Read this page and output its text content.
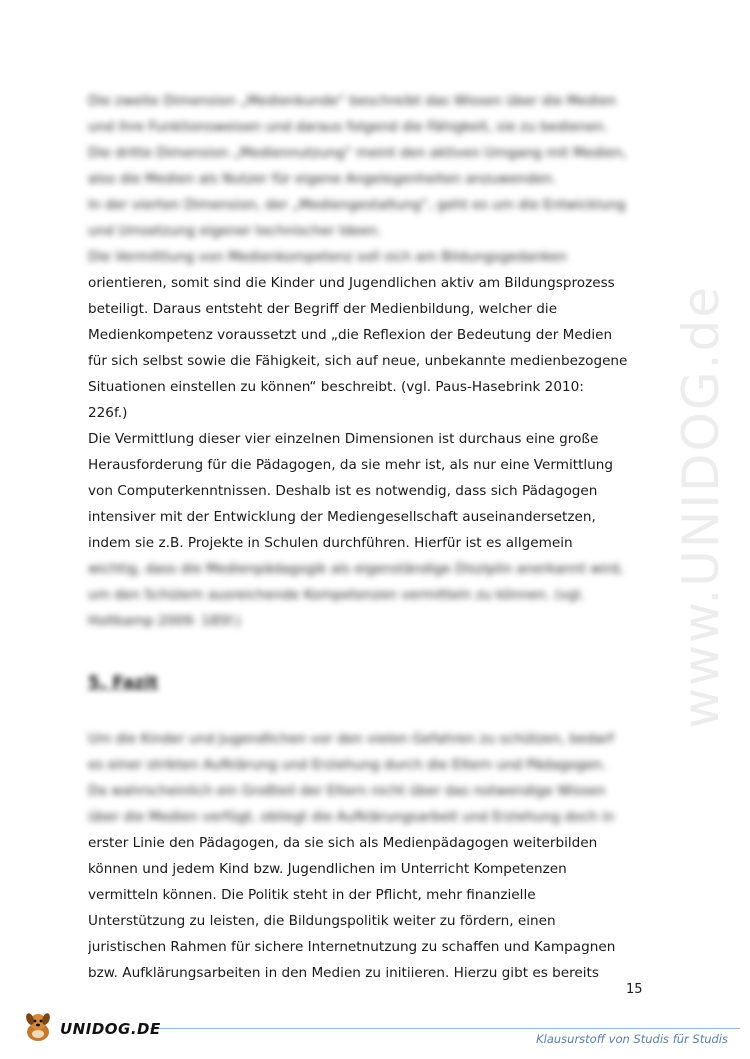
www.UNIDOG.de
Die zweite Dimension „Medienkunde“ beschreibt das Wissen über die Medien
und ihre Funktionsweisen und daraus folgend die Fähigkeit, sie zu bedienen.
Die dritte Dimension „Mediennutzung“ meint den aktiven Umgang mit Medien,
also die Medien als Nutzer für eigene Angelegenheiten anzuwenden.
In der vierten Dimension, der „Mediengestaltung“, geht es um die Entwicklung
und Umsetzung eigener technischer Ideen.
Die Vermittlung von Medienkompetenz soll sich am Bildungsgedanken
orientieren, somit sind die Kinder und Jugendlichen aktiv am Bildungsprozess
beteiligt. Daraus entsteht der Begriff der Medienbildung, welcher die
Medienkompetenz voraussetzt und „die Reflexion der Bedeutung der Medien
für sich selbst sowie die Fähigkeit, sich auf neue, unbekannte medienbezogene
Situationen einstellen zu können“ beschreibt. (vgl. Paus-Hasebrink 2010:
226f.)
Die Vermittlung dieser vier einzelnen Dimensionen ist durchaus eine große
Herausforderung für die Pädagogen, da sie mehr ist, als nur eine Vermittlung
von Computerkenntnissen. Deshalb ist es notwendig, dass sich Pädagogen
intensiver mit der Entwicklung der Mediengesellschaft auseinandersetzen,
indem sie z.B. Projekte in Schulen durchführen. Hierfür ist es allgemein
wichtig, dass die Medienpädagogik als eigenständige Disziplin anerkannt wird,
um den Schülern ausreichende Kompetenzen vermitteln zu können. (vgl.
Holtkamp 2009: 185f.)
5. Fazit
Um die Kinder und Jugendlichen vor den vielen Gefahren zu schützen, bedarf
es einer strikten Aufklärung und Erziehung durch die Eltern und Pädagogen.
Da wahrscheinlich ein Großteil der Eltern nicht über das notwendige Wissen
über die Medien verfügt, obliegt die Aufklärungsarbeit und Erziehung doch in
erster Linie den Pädagogen, da sie sich als Medienpädagogen weiterbilden
können und jedem Kind bzw. Jugendlichen im Unterricht Kompetenzen
vermitteln können. Die Politik steht in der Pflicht, mehr finanzielle
Unterstützung zu leisten, die Bildungspolitik weiter zu fördern, einen
juristischen Rahmen für sichere Internetnutzung zu schaffen und Kampagnen
bzw. Aufklärungsarbeiten in den Medien zu initiieren. Hierzu gibt es bereits
15
UNIDOG.DE
Klausurstoff von Studis für Studis
